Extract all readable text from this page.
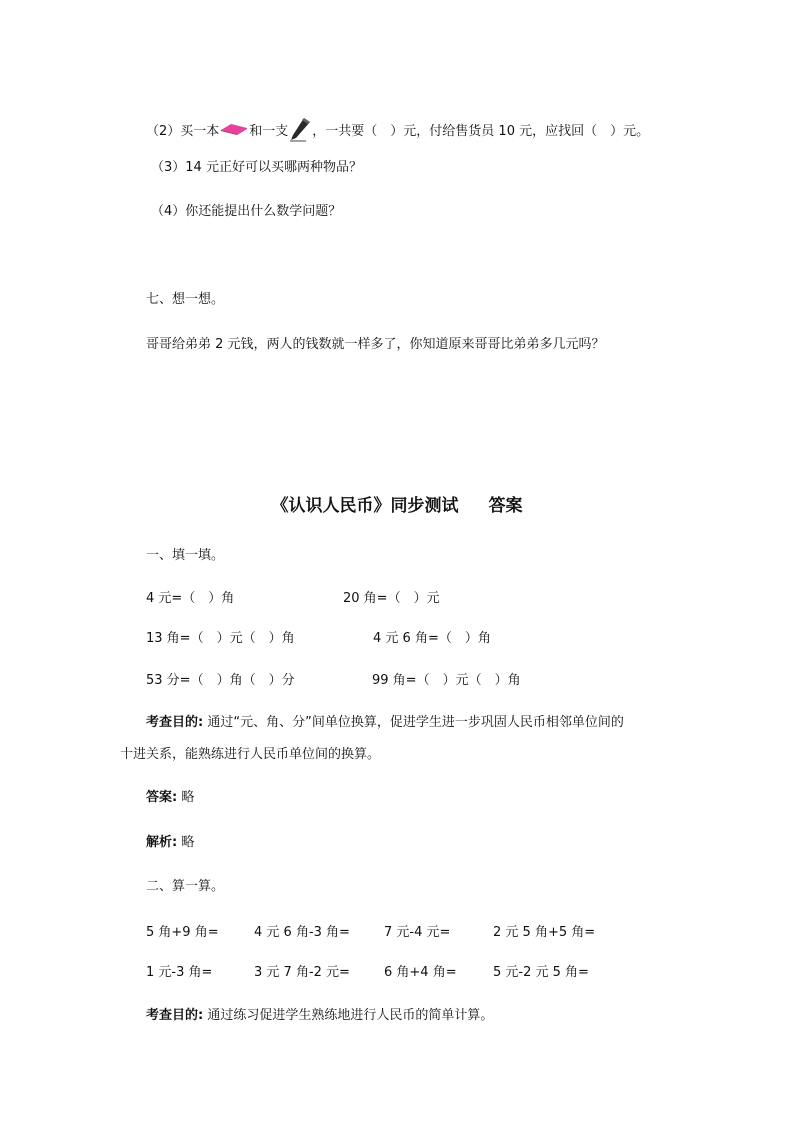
（2）买一本 和一支 ，一共要（　）元，付给售货员 10 元，应找回（　）元。
（3）14 元正好可以买哪两种物品？
（4）你还能提出什么数学问题？
七、想一想。
哥哥给弟弟 2 元钱，两人的钱数就一样多了，你知道原来哥哥比弟弟多几元吗？
《认识人民币》同步测试 答案
一、填一填。
4 元=（　）角	20 角=（　）元
13 角=（　）元（　）角	4 元 6 角=（　）角
53 分=（　）角（　）分	99 角=（　）元（　）角
考查目的: 通过“元、角、分”间单位换算，促进学生进一步巩固人民币相邻单位间的
十进关系，能熟练进行人民币单位间的换算。
答案: 略
解析: 略
二、算一算。
5 角+9 角=	4 元 6 角-3 角=	7 元-4 元=	2 元 5 角+5 角=
1 元-3 角=	3 元 7 角-2 元=	6 角+4 角=	5 元-2 元 5 角=
考查目的: 通过练习促进学生熟练地进行人民币的简单计算。
